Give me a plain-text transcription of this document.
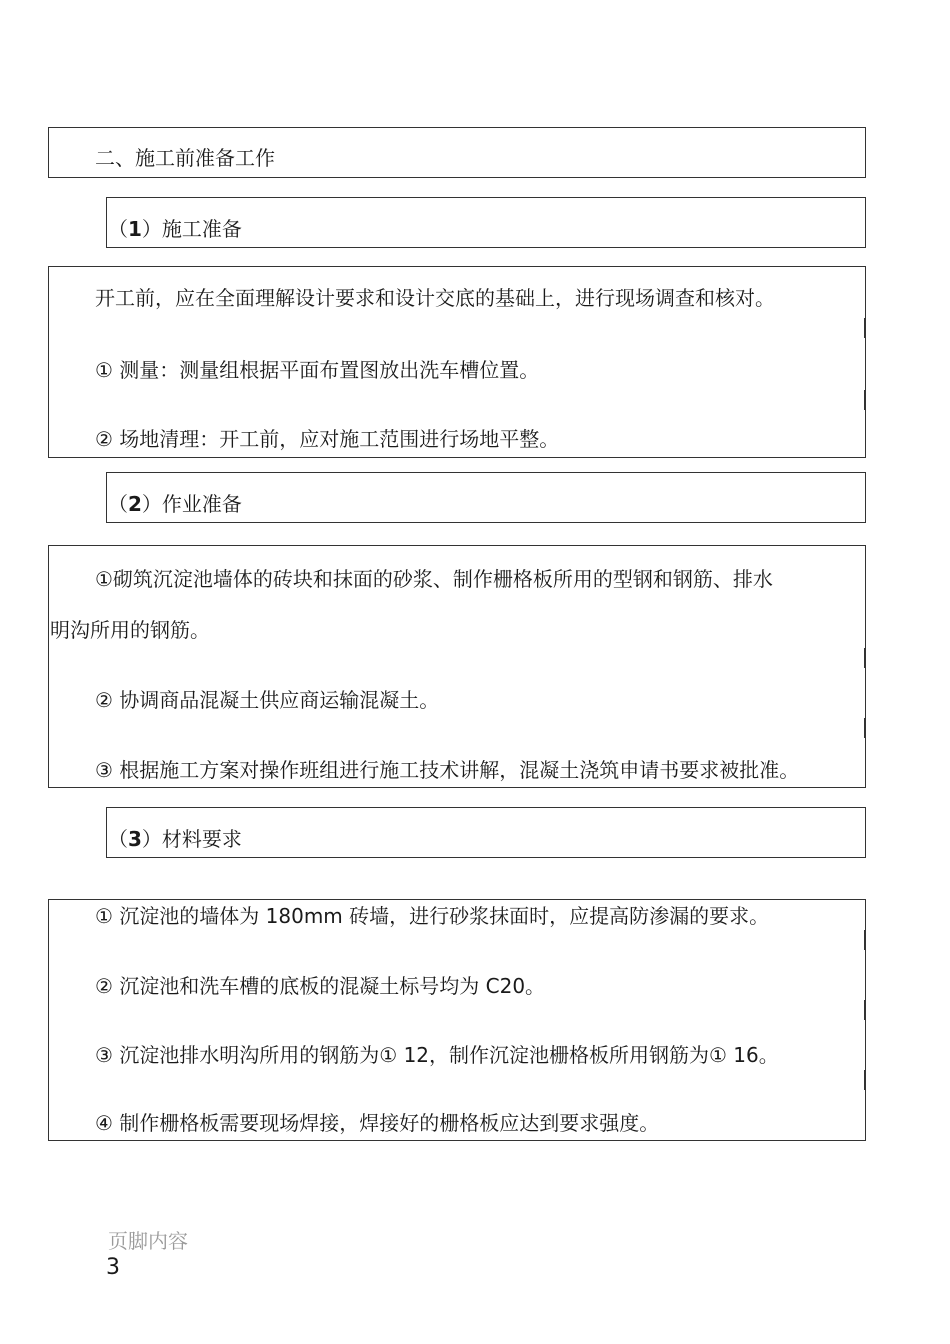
二、施工前准备工作
（1）施工准备
开工前，应在全面理解设计要求和设计交底的基础上，进行现场调查和核对。
① 测量：测量组根据平面布置图放出洗车槽位置。
② 场地清理：开工前，应对施工范围进行场地平整。
（2）作业准备
①砌筑沉淀池墙体的砖块和抹面的砂浆、制作栅格板所用的型钢和钢筋、排水
明沟所用的钢筋。
② 协调商品混凝土供应商运输混凝土。
③ 根据施工方案对操作班组进行施工技术讲解，混凝土浇筑申请书要求被批准。
（3）材料要求
① 沉淀池的墙体为 180mm 砖墙，进行砂浆抹面时，应提高防渗漏的要求。
② 沉淀池和洗车槽的底板的混凝土标号均为 C20。
③ 沉淀池排水明沟所用的钢筋为① 12，制作沉淀池栅格板所用钢筋为① 16。
④ 制作栅格板需要现场焊接，焊接好的栅格板应达到要求强度。
页脚内容
3
